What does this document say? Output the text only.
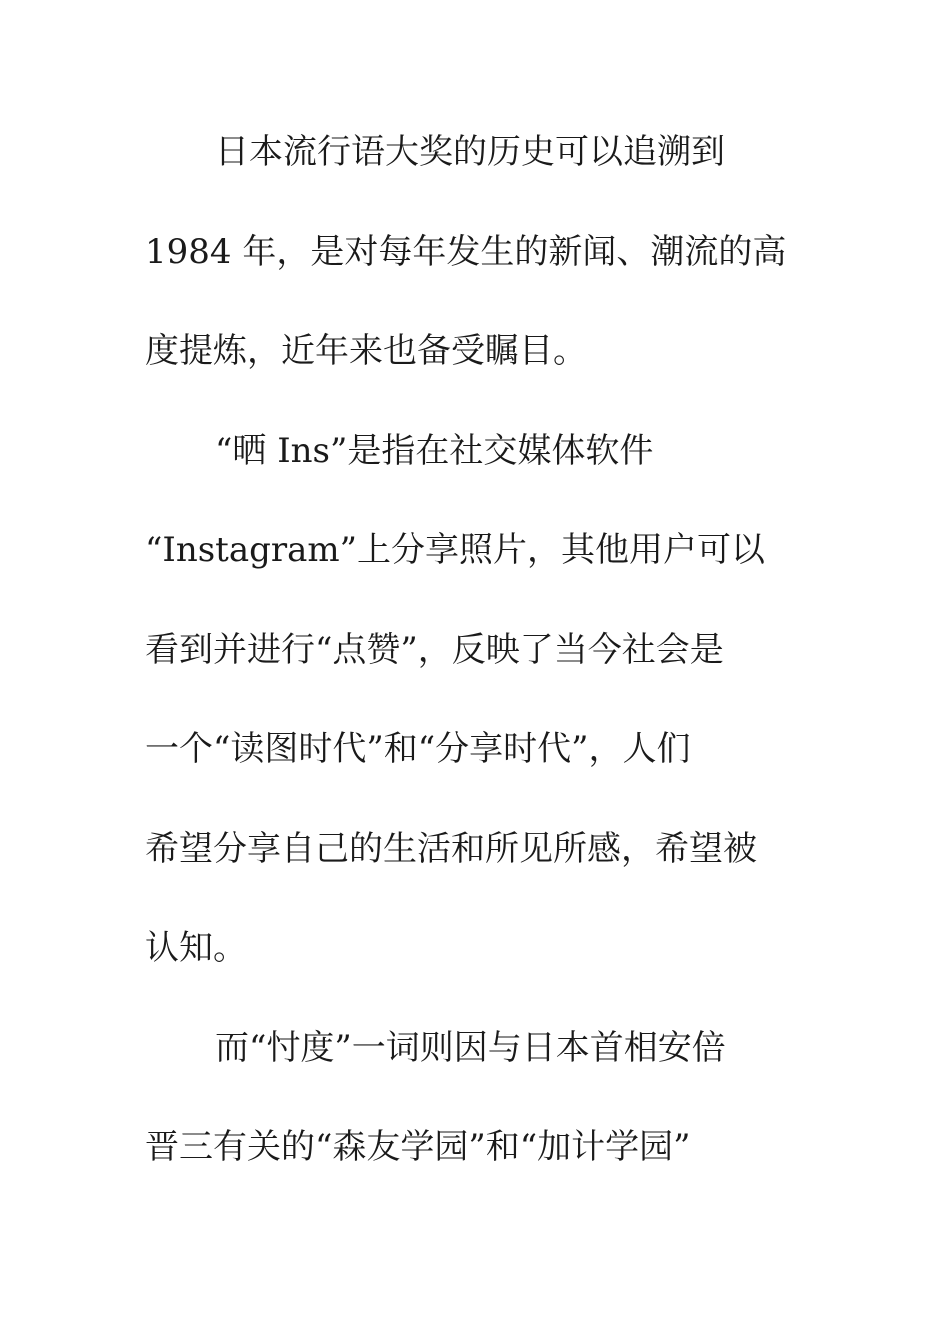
日本流行语大奖的历史可以追溯到
1984 年，是对每年发生的新闻、潮流的高
度提炼，近年来也备受瞩目。
“晒 Ins”是指在社交媒体软件
“Instagram”上分享照片，其他用户可以
看到并进行“点赞”，反映了当今社会是
一个“读图时代”和“分享时代”，人们
希望分享自己的生活和所见所感，希望被
认知。
而“忖度”一词则因与日本首相安倍
晋三有关的“森友学园”和“加计学园”
